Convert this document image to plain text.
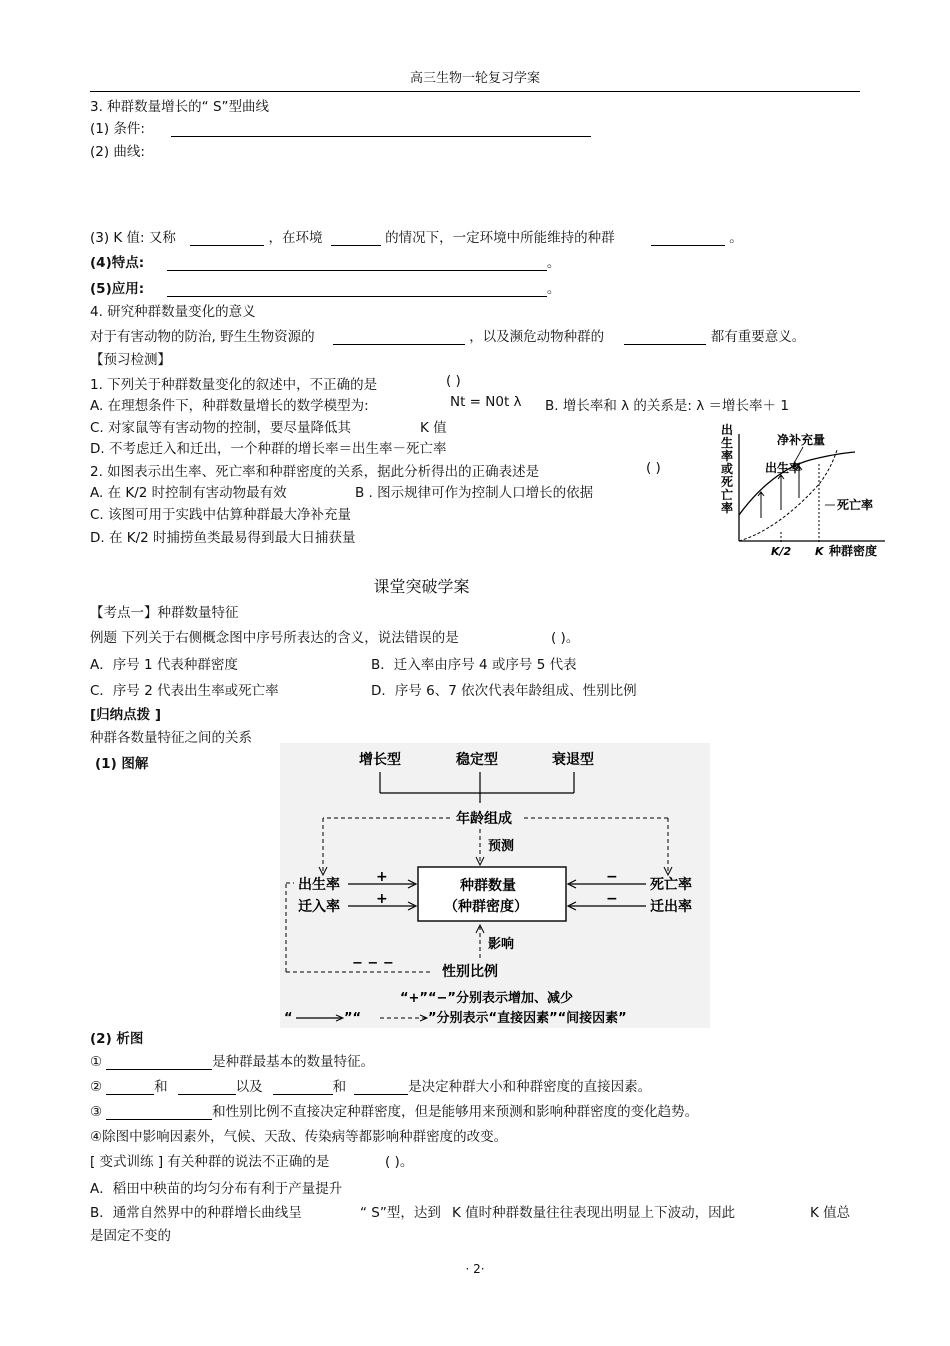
高三生物一轮复习学案
3. 种群数量增长的“ S”型曲线
(1) 条件:
(2) 曲线:
(3) K 值: 又称	，在环境	的情况下，一定环境中所能维持的种群	。
(4)特点:	。
(5)应用:	。
4. 研究种群数量变化的意义
对于有害动物的防治, 野生生物资源的	，以及濒危动物种群的	都有重要意义。
【预习检测】
1. 下列关于种群数量变化的叙述中，不正确的是	( )
A. 在理想条件下，种群数量增长的数学模型为:	Nt = N0t λ B. 增长率和 λ 的关系是: λ ＝增长率＋ 1
C. 对家鼠等有害动物的控制，要尽量降低其	K 值
D. 不考虑迁入和迁出，一个种群的增长率＝出生率－死亡率
2. 如图表示出生率、死亡率和种群密度的关系，据此分析得出的正确表述是	( )
A. 在 K/2 时控制有害动物最有效	B . 图示规律可作为控制人口增长的依据
C. 该图可用于实践中估算种群最大净补充量
D. 在 K/2 时捕捞鱼类最易得到最大日捕获量
出
生
率
或
死
亡
率
净补充量
出生率
死亡率
K/2 K 种群密度
课堂突破学案
【考点一】种群数量特征
例题 下列关于右侧概念图中序号所表达的含义，说法错误的是	( )。
A．序号 1 代表种群密度	B．迁入率由序号 4 或序号 5 代表
C．序号 2 代表出生率或死亡率	D．序号 6、7 依次代表年龄组成、性别比例
[归纳点拨 ]
种群各数量特征之间的关系
(1) 图解	增长型	稳定型	衰退型
年龄组成
预测
种群数量
（种群密度）
出生率
迁入率
死亡率
迁出率
+
+
−
−
影响
− − −
性别比例
“+”“−”分别表示增加、减少
“	”“	”分别表示“直接因素”“间接因素”
(2) 析图
①	是种群最基本的数量特征。
②	和	以及	和	是决定种群大小和种群密度的直接因素。
③	和性别比例不直接决定种群密度，但是能够用来预测和影响种群密度的变化趋势。
④除图中影响因素外，气候、天敌、传染病等都影响种群密度的改变。
[ 变式训练 ] 有关种群的说法不正确的是	( )。
A．稻田中秧苗的均匀分布有利于产量提升
B．通常自然界中的种群增长曲线呈	“ S”型，达到 K 值时种群数量往往表现出明显上下波动，因此	K 值总
是固定不变的
· 2·
